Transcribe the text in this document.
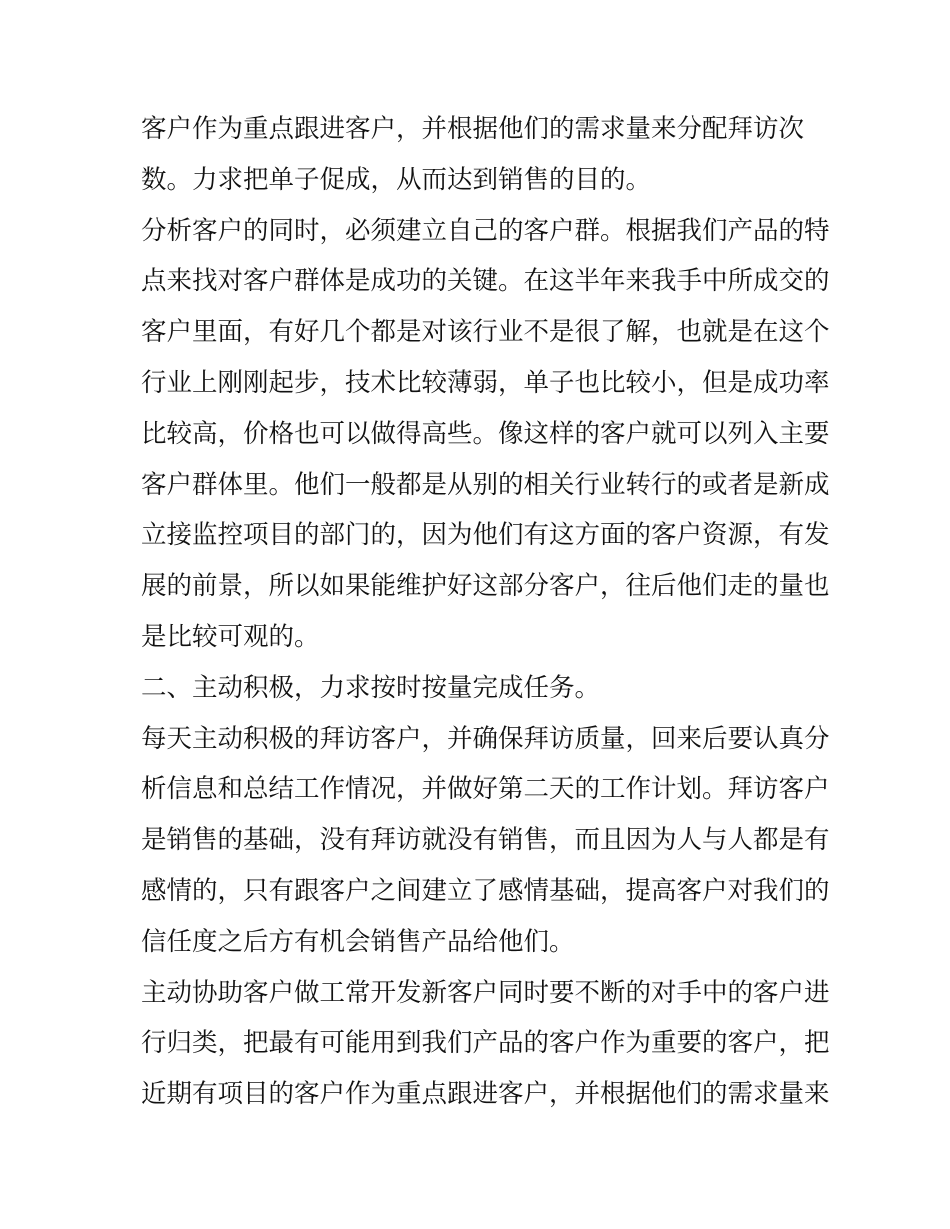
客户作为重点跟进客户，并根据他们的需求量来分配拜访次
数。力求把单子促成，从而达到销售的目的。
分析客户的同时，必须建立自己的客户群。根据我们产品的特
点来找对客户群体是成功的关键。在这半年来我手中所成交的
客户里面，有好几个都是对该行业不是很了解，也就是在这个
行业上刚刚起步，技术比较薄弱，单子也比较小，但是成功率
比较高，价格也可以做得高些。像这样的客户就可以列入主要
客户群体里。他们一般都是从别的相关行业转行的或者是新成
立接监控项目的部门的，因为他们有这方面的客户资源，有发
展的前景，所以如果能维护好这部分客户，往后他们走的量也
是比较可观的。
二、主动积极，力求按时按量完成任务。
每天主动积极的拜访客户，并确保拜访质量，回来后要认真分
析信息和总结工作情况，并做好第二天的工作计划。拜访客户
是销售的基础，没有拜访就没有销售，而且因为人与人都是有
感情的，只有跟客户之间建立了感情基础，提高客户对我们的
信任度之后方有机会销售产品给他们。
主动协助客户做工常开发新客户同时要不断的对手中的客户进
行归类，把最有可能用到我们产品的客户作为重要的客户，把
近期有项目的客户作为重点跟进客户，并根据他们的需求量来
